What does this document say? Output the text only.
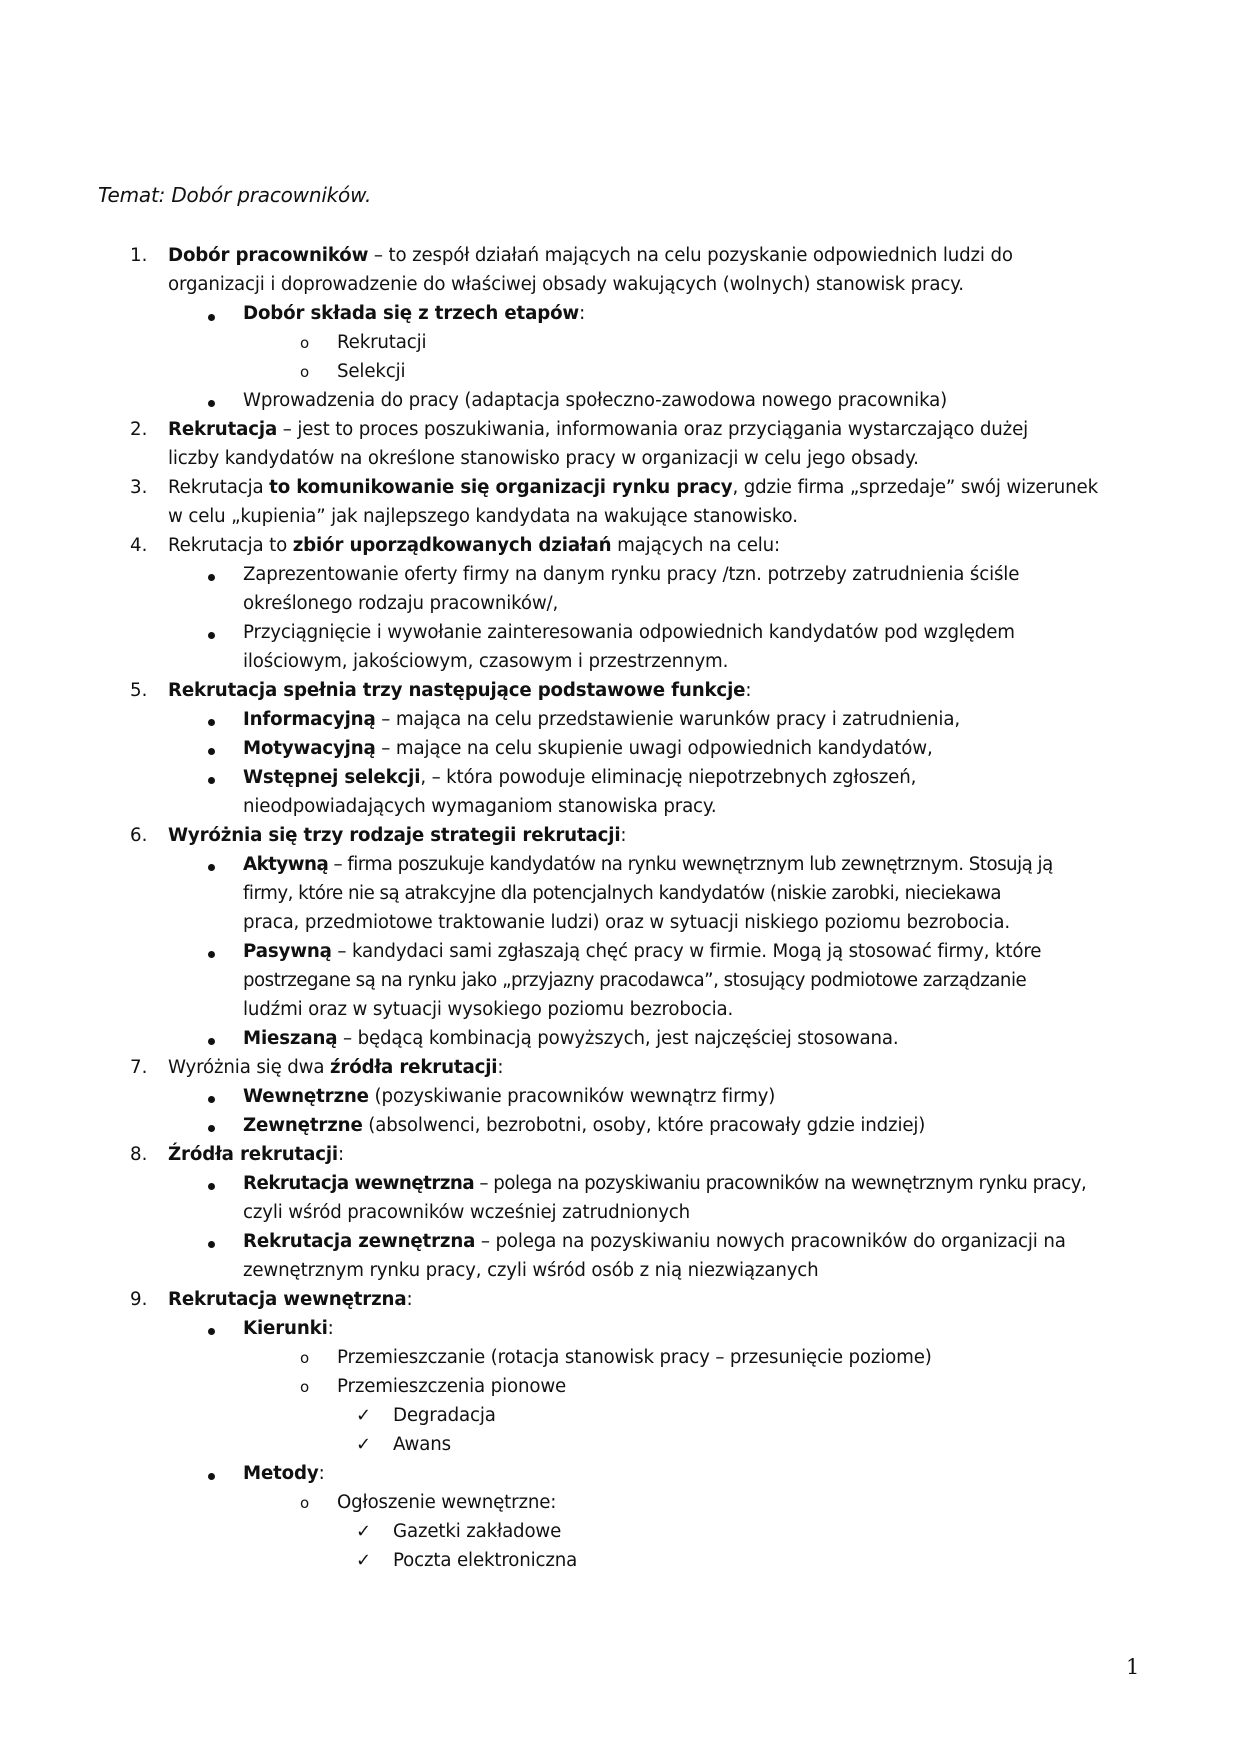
Temat: Dobór pracowników.
1. Dobór pracowników – to zespół działań mających na celu pozyskanie odpowiednich ludzi do
organizacji i doprowadzenie do właściwej obsady wakujących (wolnych) stanowisk pracy.
Dobór składa się z trzech etapów:
o Rekrutacji
o Selekcji
Wprowadzenia do pracy (adaptacja społeczno-zawodowa nowego pracownika)
2. Rekrutacja – jest to proces poszukiwania, informowania oraz przyciągania wystarczająco dużej
liczby kandydatów na określone stanowisko pracy w organizacji w celu jego obsady.
3. Rekrutacja to komunikowanie się organizacji rynku pracy, gdzie firma „sprzedaje” swój wizerunek
w celu „kupienia” jak najlepszego kandydata na wakujące stanowisko.
4. Rekrutacja to zbiór uporządkowanych działań mających na celu:
Zaprezentowanie oferty firmy na danym rynku pracy /tzn. potrzeby zatrudnienia ściśle
określonego rodzaju pracowników/,
Przyciągnięcie i wywołanie zainteresowania odpowiednich kandydatów pod względem
ilościowym, jakościowym, czasowym i przestrzennym.
5. Rekrutacja spełnia trzy następujące podstawowe funkcje:
Informacyjną – mająca na celu przedstawienie warunków pracy i zatrudnienia,
Motywacyjną – mające na celu skupienie uwagi odpowiednich kandydatów,
Wstępnej selekcji, – która powoduje eliminację niepotrzebnych zgłoszeń,
nieodpowiadających wymaganiom stanowiska pracy.
6. Wyróżnia się trzy rodzaje strategii rekrutacji:
Aktywną – firma poszukuje kandydatów na rynku wewnętrznym lub zewnętrznym. Stosują ją
firmy, które nie są atrakcyjne dla potencjalnych kandydatów (niskie zarobki, nieciekawa
praca, przedmiotowe traktowanie ludzi) oraz w sytuacji niskiego poziomu bezrobocia.
Pasywną – kandydaci sami zgłaszają chęć pracy w firmie. Mogą ją stosować firmy, które
postrzegane są na rynku jako „przyjazny pracodawca”, stosujący podmiotowe zarządzanie
ludźmi oraz w sytuacji wysokiego poziomu bezrobocia.
Mieszaną – będącą kombinacją powyższych, jest najczęściej stosowana.
7. Wyróżnia się dwa źródła rekrutacji:
Wewnętrzne (pozyskiwanie pracowników wewnątrz firmy)
Zewnętrzne (absolwenci, bezrobotni, osoby, które pracowały gdzie indziej)
8. Źródła rekrutacji:
Rekrutacja wewnętrzna – polega na pozyskiwaniu pracowników na wewnętrznym rynku pracy,
czyli wśród pracowników wcześniej zatrudnionych
Rekrutacja zewnętrzna – polega na pozyskiwaniu nowych pracowników do organizacji na
zewnętrznym rynku pracy, czyli wśród osób z nią niezwiązanych
9. Rekrutacja wewnętrzna:
Kierunki:
o Przemieszczanie (rotacja stanowisk pracy – przesunięcie poziome)
o Przemieszczenia pionowe
✓ Degradacja
✓ Awans
Metody:
o Ogłoszenie wewnętrzne:
✓ Gazetki zakładowe
✓ Poczta elektroniczna
1
